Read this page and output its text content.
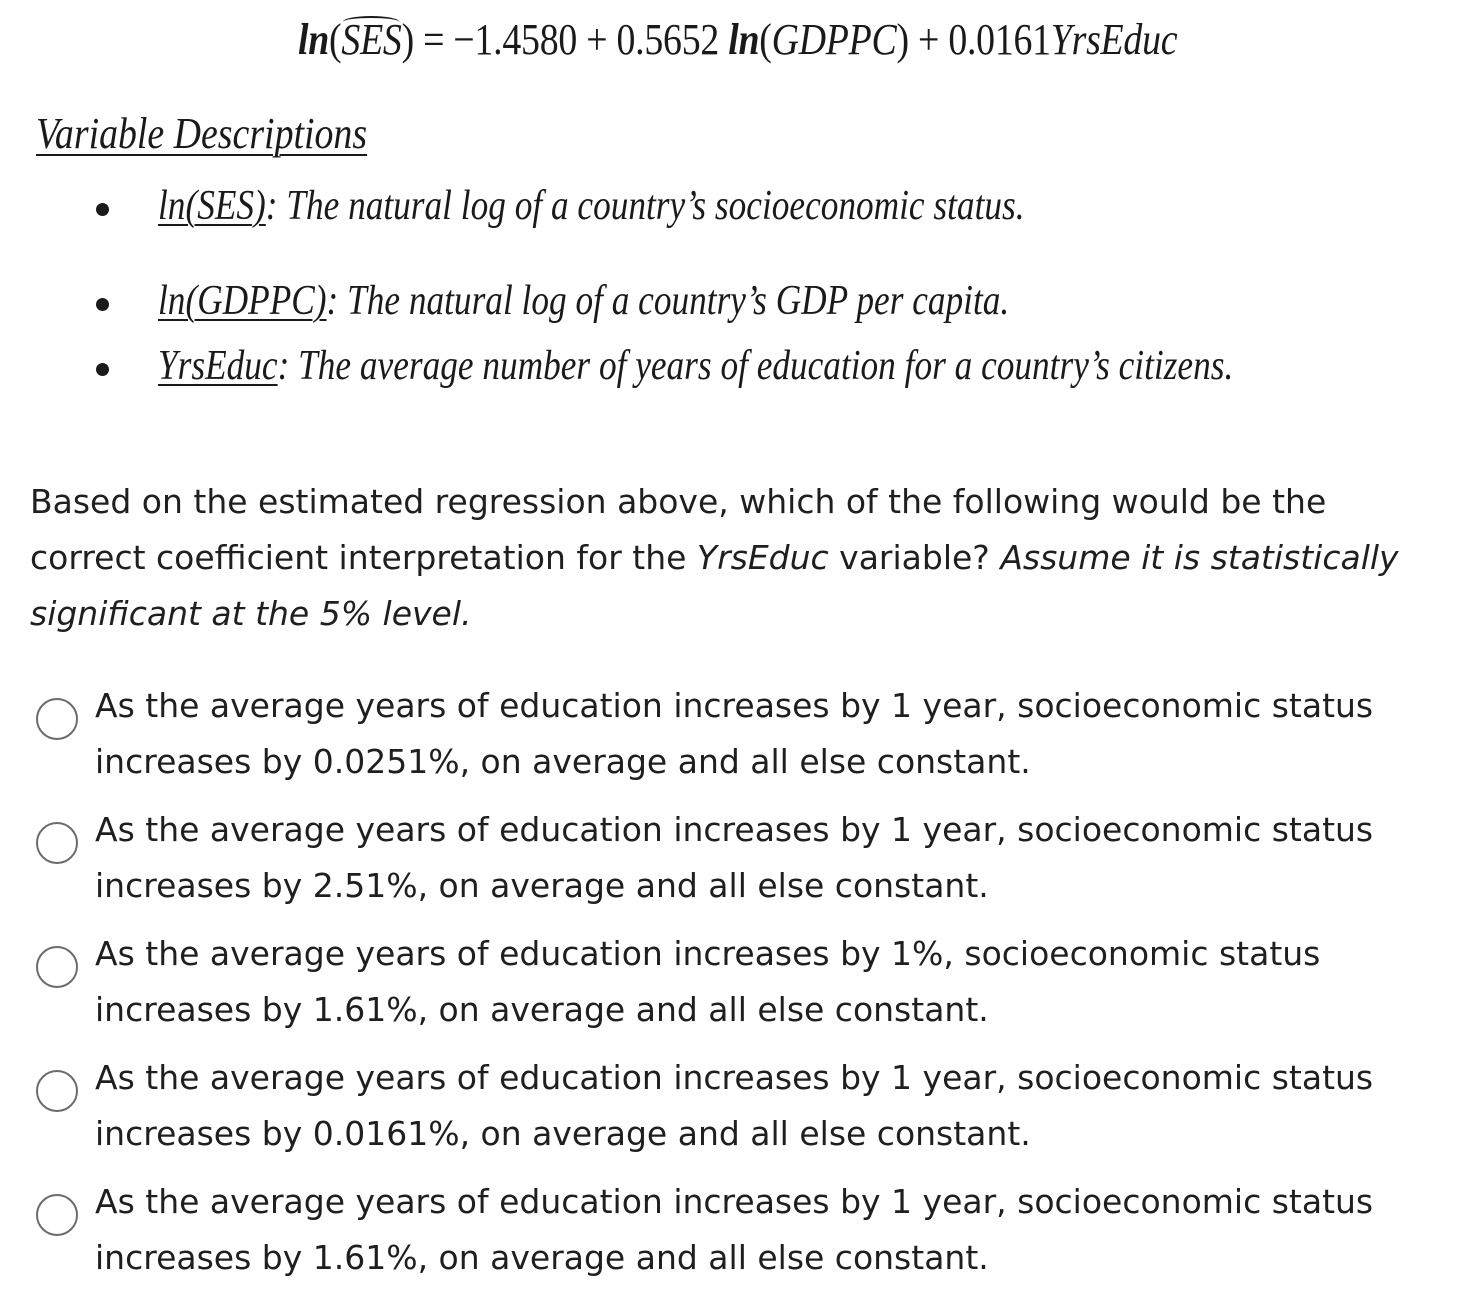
ln(SES) = −1.4580 + 0.5652 ln(GDPPC) + 0.0161YrsEduc
Variable Descriptions
ln(SES): The natural log of a country’s socioeconomic status.
ln(GDPPC): The natural log of a country’s GDP per capita.
YrsEduc: The average number of years of education for a country’s citizens.
Based on the estimated regression above, which of the following would be the correct coefficient interpretation for the YrsEduc variable? Assume it is statistically significant at the 5% level.
As the average years of education increases by 1 year, socioeconomic status increases by 0.0251%, on average and all else constant.
As the average years of education increases by 1 year, socioeconomic status increases by 2.51%, on average and all else constant.
As the average years of education increases by 1%, socioeconomic status increases by 1.61%, on average and all else constant.
As the average years of education increases by 1 year, socioeconomic status increases by 0.0161%, on average and all else constant.
As the average years of education increases by 1 year, socioeconomic status increases by 1.61%, on average and all else constant.
